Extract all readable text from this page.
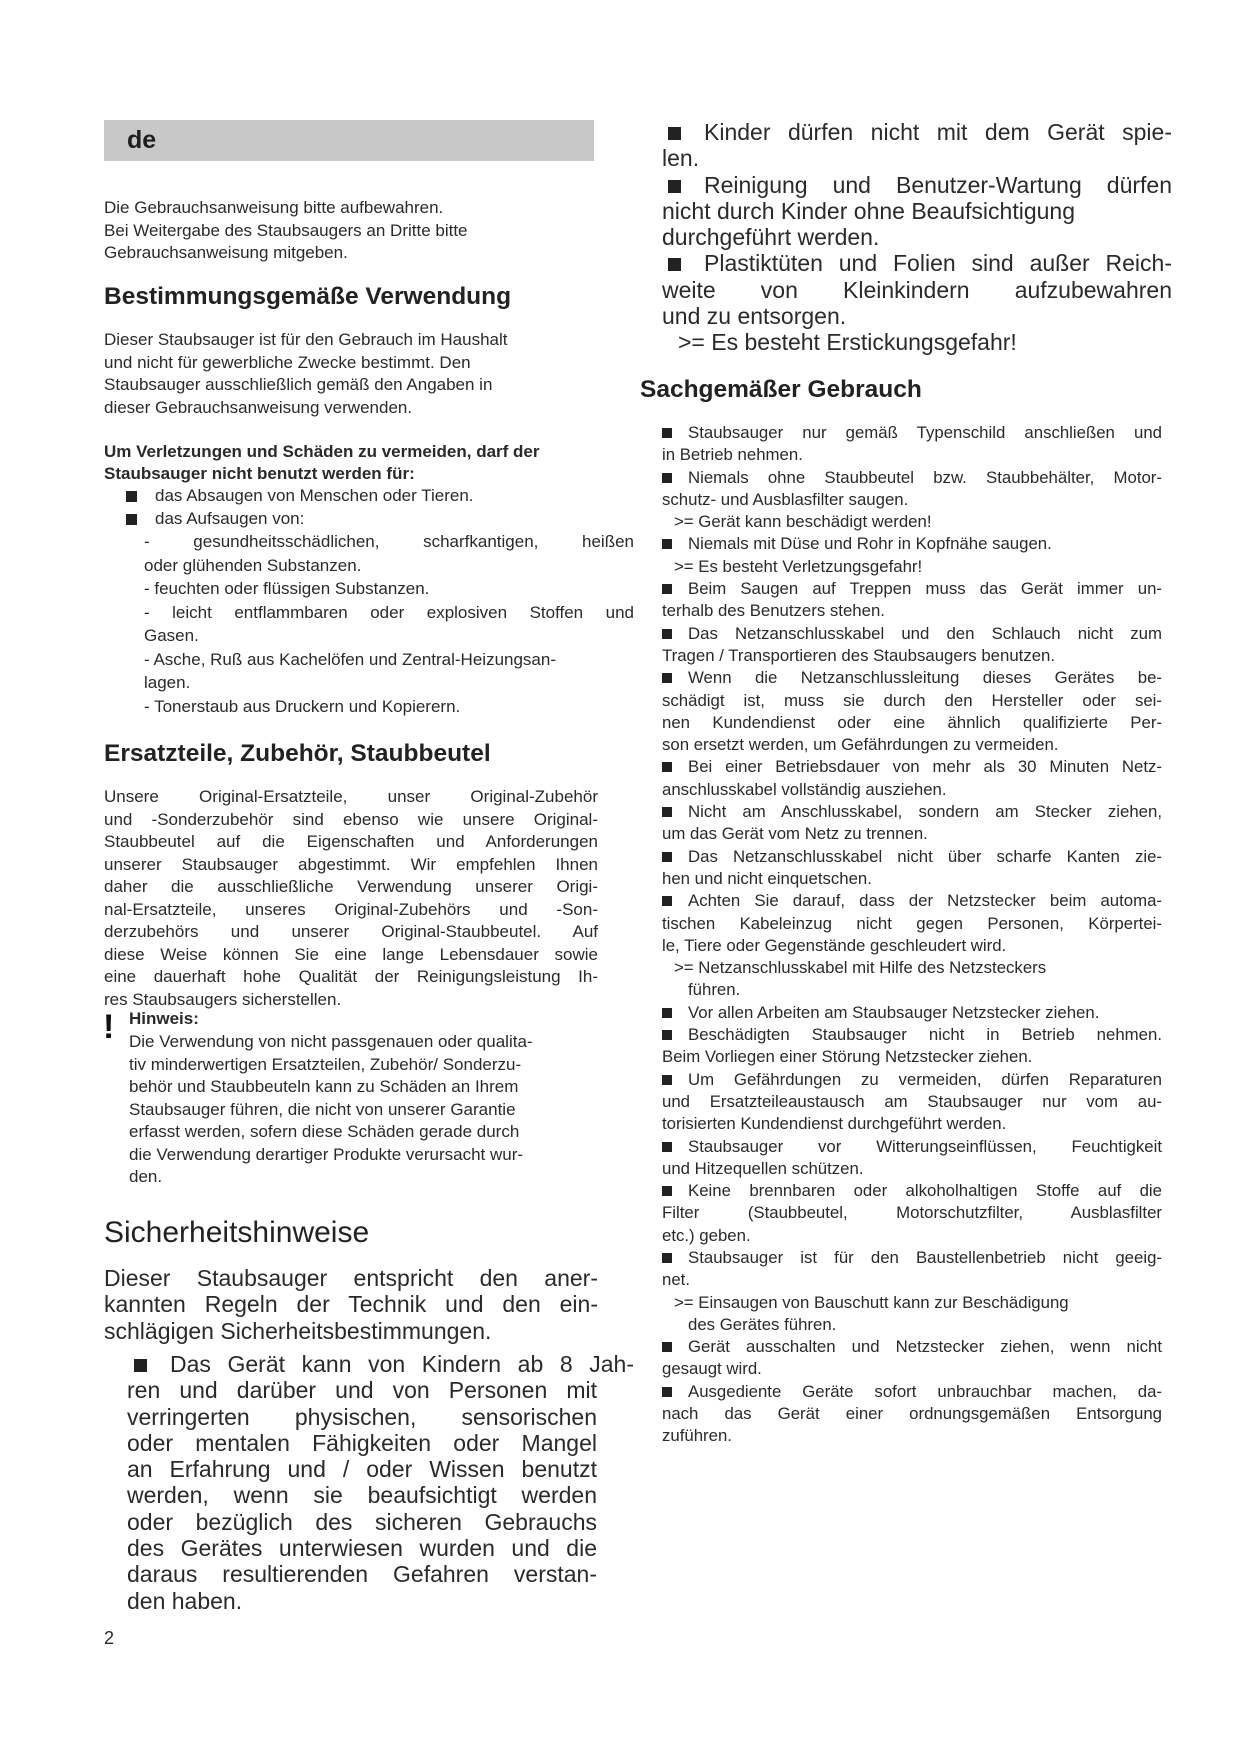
de

Die Gebrauchsanweisung bitte aufbewahren.

Bei Weitergabe des Staubsaugers an Dritte bitte

Gebrauchsanweisung mitgeben.

Bestimmungsgemäße Verwendung

Dieser Staubsauger ist für den Gebrauch im Haushalt

und nicht für gewerbliche Zwecke bestimmt. Den

Staubsauger ausschließlich gemäß den Angaben in

dieser Gebrauchsanweisung verwenden.

Um Verletzungen und Schäden zu vermeiden, darf der

Staubsauger nicht benutzt werden für:

das Absaugen von Menschen oder Tieren.

das Aufsaugen von:

- gesundheitsschädlichen, scharfkantigen, heißen

oder glühenden Substanzen.

- feuchten oder flüssigen Substanzen.

- leicht entflammbaren oder explosiven Stoffen und

Gasen.

- Asche, Ruß aus Kachelöfen und Zentral-Heizungsan-

lagen.

- Tonerstaub aus Druckern und Kopierern.

Ersatzteile, Zubehör, Staubbeutel

Unsere Original-Ersatzteile, unser Original-Zubehör

und -Sonderzubehör sind ebenso wie unsere Original-

Staubbeutel auf die Eigenschaften und Anforderungen

unserer Staubsauger abgestimmt. Wir empfehlen Ihnen

daher die ausschließliche Verwendung unserer Origi-

nal-Ersatzteile, unseres Original-Zubehörs und -Son-

derzubehörs und unserer Original-Staubbeutel. Auf

diese Weise können Sie eine lange Lebensdauer sowie

eine dauerhaft hohe Qualität der Reinigungsleistung Ih-

res Staubsaugers sicherstellen.

! Hinweis:

Die Verwendung von nicht passgenauen oder qualita-

tiv minderwertigen Ersatzteilen, Zubehör/ Sonderzu-

behör und Staubbeuteln kann zu Schäden an Ihrem

Staubsauger führen, die nicht von unserer Garantie

erfasst werden, sofern diese Schäden gerade durch

die Verwendung derartiger Produkte verursacht wur-

den.

Sicherheitshinweise

Dieser Staubsauger entspricht den aner-

kannten Regeln der Technik und den ein-

schlägigen Sicherheitsbestimmungen.

Das Gerät kann von Kindern ab 8 Jah-

ren und darüber und von Personen mit

verringerten physischen, sensorischen

oder mentalen Fähigkeiten oder Mangel

an Erfahrung und / oder Wissen benutzt

werden, wenn sie beaufsichtigt werden

oder bezüglich des sicheren Gebrauchs

des Gerätes unterwiesen wurden und die

daraus resultierenden Gefahren verstan-

den haben.

Kinder dürfen nicht mit dem Gerät spie-

len.

Reinigung und Benutzer-Wartung dürfen

nicht durch Kinder ohne Beaufsichtigung

durchgeführt werden.

Plastiktüten und Folien sind außer Reich-

weite von Kleinkindern aufzubewahren

und zu entsorgen.

>= Es besteht Erstickungsgefahr!

Sachgemäßer Gebrauch

Staubsauger nur gemäß Typenschild anschließen und

in Betrieb nehmen.

Niemals ohne Staubbeutel bzw. Staubbehälter, Motor-

schutz- und Ausblasfilter saugen.

>= Gerät kann beschädigt werden!

Niemals mit Düse und Rohr in Kopfnähe saugen.

>= Es besteht Verletzungsgefahr!

Beim Saugen auf Treppen muss das Gerät immer un-

terhalb des Benutzers stehen.

Das Netzanschlusskabel und den Schlauch nicht zum

Tragen / Transportieren des Staubsaugers benutzen.

Wenn die Netzanschlussleitung dieses Gerätes be-

schädigt ist, muss sie durch den Hersteller oder sei-

nen Kundendienst oder eine ähnlich qualifizierte Per-

son ersetzt werden, um Gefährdungen zu vermeiden.

Bei einer Betriebsdauer von mehr als 30 Minuten Netz-

anschlusskabel vollständig ausziehen.

Nicht am Anschlusskabel, sondern am Stecker ziehen,

um das Gerät vom Netz zu trennen.

Das Netzanschlusskabel nicht über scharfe Kanten zie-

hen und nicht einquetschen.

Achten Sie darauf, dass der Netzstecker beim automa-

tischen Kabeleinzug nicht gegen Personen, Körpertei-

le, Tiere oder Gegenstände geschleudert wird.

>= Netzanschlusskabel mit Hilfe des Netzsteckers

führen.

Vor allen Arbeiten am Staubsauger Netzstecker ziehen.

Beschädigten Staubsauger nicht in Betrieb nehmen.

Beim Vorliegen einer Störung Netzstecker ziehen.

Um Gefährdungen zu vermeiden, dürfen Reparaturen

und Ersatzteileaustausch am Staubsauger nur vom au-

torisierten Kundendienst durchgeführt werden.

Staubsauger vor Witterungseinflüssen, Feuchtigkeit

und Hitzequellen schützen.

Keine brennbaren oder alkoholhaltigen Stoffe auf die

Filter (Staubbeutel, Motorschutzfilter, Ausblasfilter

etc.) geben.

Staubsauger ist für den Baustellenbetrieb nicht geeig-

net.

>= Einsaugen von Bauschutt kann zur Beschädigung

des Gerätes führen.

Gerät ausschalten und Netzstecker ziehen, wenn nicht

gesaugt wird.

Ausgediente Geräte sofort unbrauchbar machen, da-

nach das Gerät einer ordnungsgemäßen Entsorgung

zuführen.

2
